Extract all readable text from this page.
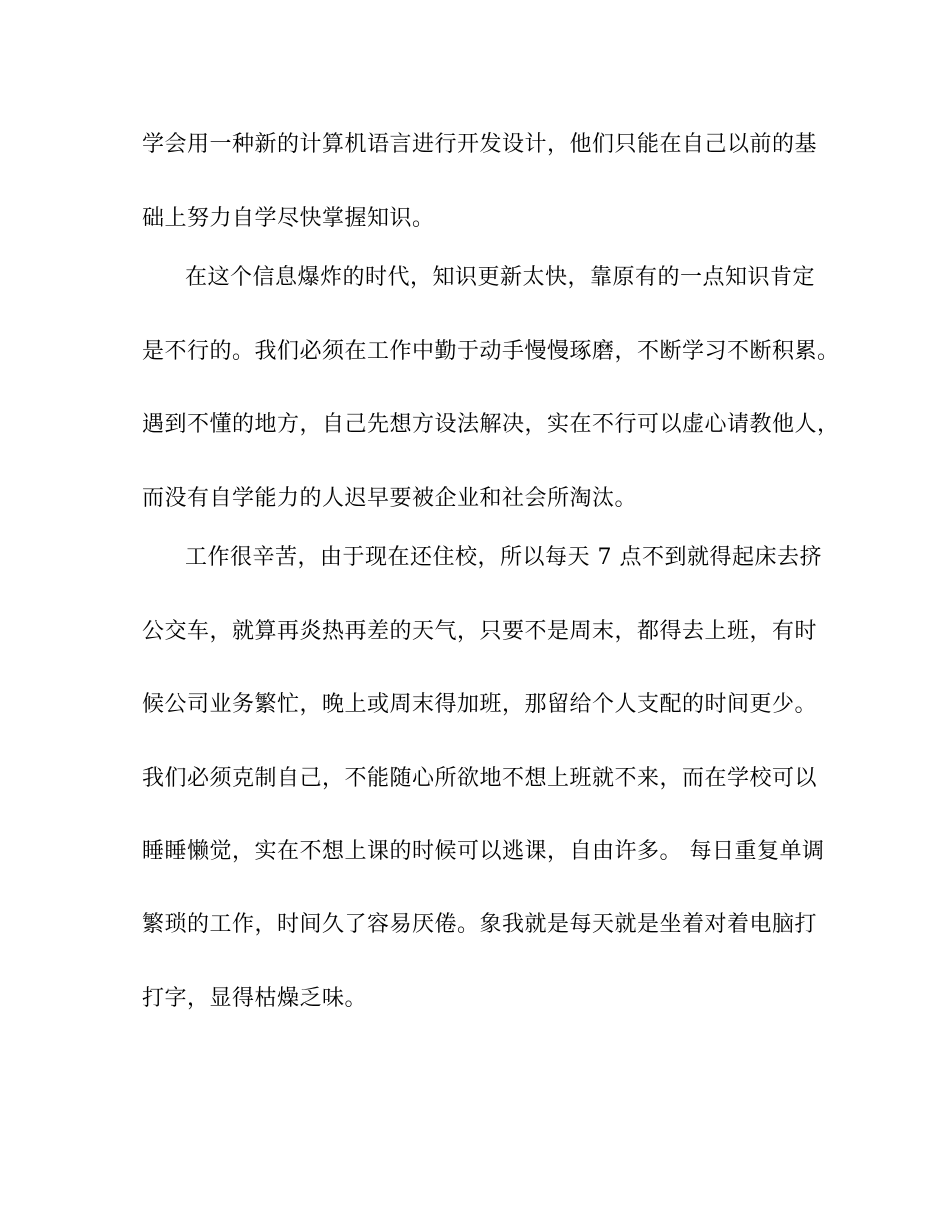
学会用一种新的计算机语言进行开发设计，他们只能在自己以前的基
础上努力自学尽快掌握知识。
在这个信息爆炸的时代，知识更新太快，靠原有的一点知识肯定
是不行的。我们必须在工作中勤于动手慢慢琢磨，不断学习不断积累。
遇到不懂的地方，自己先想方设法解决，实在不行可以虚心请教他人，
而没有自学能力的人迟早要被企业和社会所淘汰。
工作很辛苦，由于现在还住校，所以每天 7 点不到就得起床去挤
公交车，就算再炎热再差的天气，只要不是周末，都得去上班，有时
候公司业务繁忙，晚上或周末得加班，那留给个人支配的时间更少。
我们必须克制自己，不能随心所欲地不想上班就不来，而在学校可以
睡睡懒觉，实在不想上课的时候可以逃课，自由许多。 每日重复单调
繁琐的工作，时间久了容易厌倦。象我就是每天就是坐着对着电脑打
打字，显得枯燥乏味。
